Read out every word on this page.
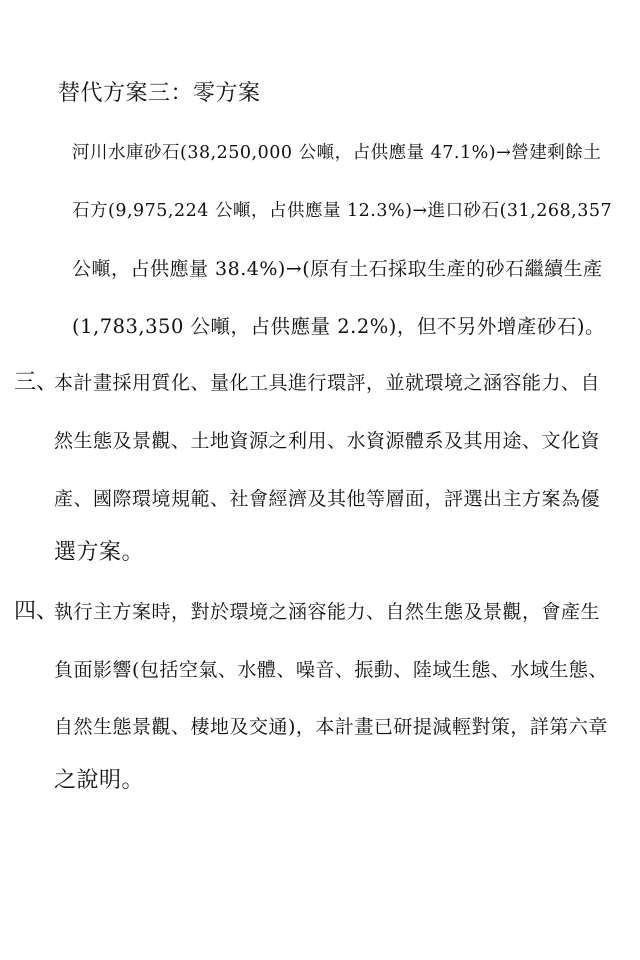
替代方案三：零方案
河川水庫砂石(38,250,000 公噸，占供應量 47.1%)→營建剩餘土
石方(9,975,224 公噸，占供應量 12.3%)→進口砂石(31,268,357
公噸，占供應量 38.4%)→(原有土石採取生產的砂石繼續生產
(1,783,350 公噸，占供應量 2.2%)，但不另外增產砂石)。
三、
本計畫採用質化、量化工具進行環評，並就環境之涵容能力、自
然生態及景觀、土地資源之利用、水資源體系及其用途、文化資
產、國際環境規範、社會經濟及其他等層面，評選出主方案為優
選方案。
四、
執行主方案時，對於環境之涵容能力、自然生態及景觀，會產生
負面影響(包括空氣、水體、噪音、振動、陸域生態、水域生態、
自然生態景觀、棲地及交通)，本計畫已研提減輕對策，詳第六章
之說明。
